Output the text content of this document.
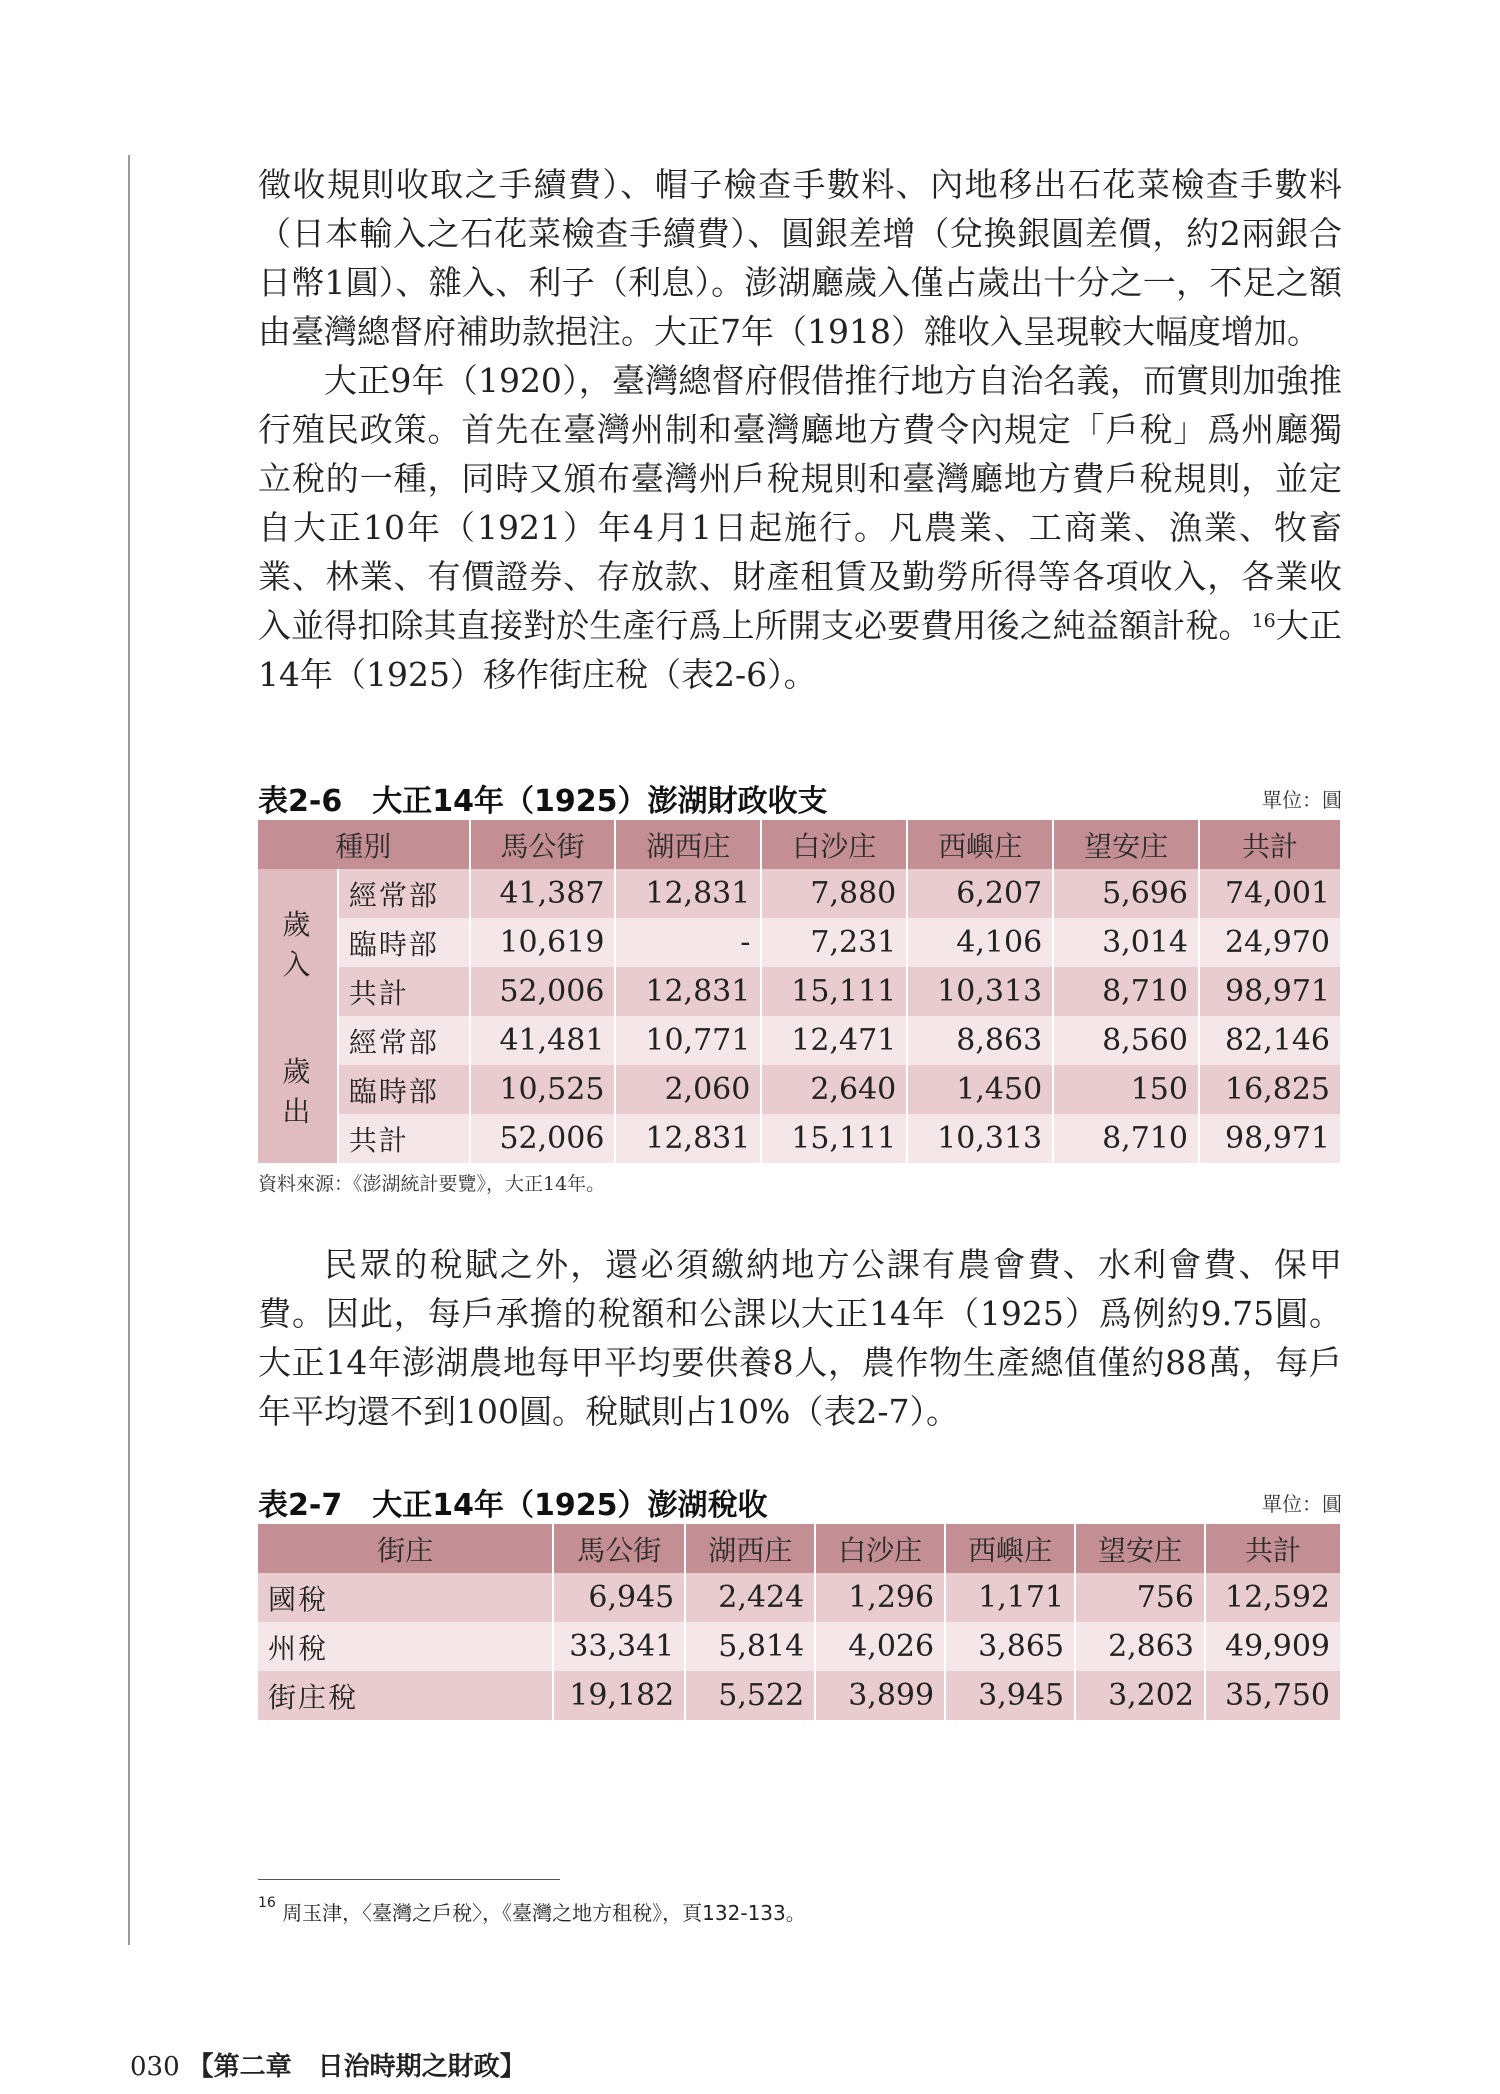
徵收規則收取之手續費）、帽子檢查手數料、內地移出石花菜檢查手數料（日本輸入之石花菜檢查手續費）、圓銀差增（兌換銀圓差價，約2兩銀合日幣1圓）、雜入、利子（利息）。澎湖廳歲入僅占歲出十分之一，不足之額由臺灣總督府補助款挹注。大正7年（1918）雜收入呈現較大幅度增加。

大正9年（1920），臺灣總督府假借推行地方自治名義，而實則加強推行殖民政策。首先在臺灣州制和臺灣廳地方費令內規定「戶稅」爲州廳獨立稅的一種，同時又頒布臺灣州戶稅規則和臺灣廳地方費戶稅規則，並定自大正10年（1921）年4月1日起施行。凡農業、工商業、漁業、牧畜業、林業、有價證券、存放款、財產租賃及勤勞所得等各項收入，各業收入並得扣除其直接對於生產行爲上所開支必要費用後之純益額計稅。$^{16}$大正14年（1925）移作街庄稅（表2-6）。

表2-6　大正14年（1925）澎湖財政收支	單位：圓
種別		馬公街	湖西庄	白沙庄	西嶼庄	望安庄	共計
歲入	經常部	41,387	12,831	7,880	6,207	5,696	74,001
	臨時部	10,619	-	7,231	4,106	3,014	24,970
	共計	52,006	12,831	15,111	10,313	8,710	98,971
歲出	經常部	41,481	10,771	12,471	8,863	8,560	82,146
	臨時部	10,525	2,060	2,640	1,450	150	16,825
	共計	52,006	12,831	15,111	10,313	8,710	98,971
資料來源：《澎湖統計要覽》，大正14年。

民眾的稅賦之外，還必須繳納地方公課有農會費、水利會費、保甲費。因此，每戶承擔的稅額和公課以大正14年（1925）爲例約9.75圓。大正14年澎湖農地每甲平均要供養8人，農作物生產總值僅約88萬，每戶年平均還不到100圓。稅賦則占10%（表2-7）。

表2-7　大正14年（1925）澎湖稅收	單位：圓
街庄	馬公街	湖西庄	白沙庄	西嶼庄	望安庄	共計
國稅	6,945	2,424	1,296	1,171	756	12,592
州稅	33,341	5,814	4,026	3,865	2,863	49,909
街庄稅	19,182	5,522	3,899	3,945	3,202	35,750
$^{16}$ 周玉津，〈臺灣之戶稅〉，《臺灣之地方租稅》，頁132-133。
030 【第二章　日治時期之財政】
